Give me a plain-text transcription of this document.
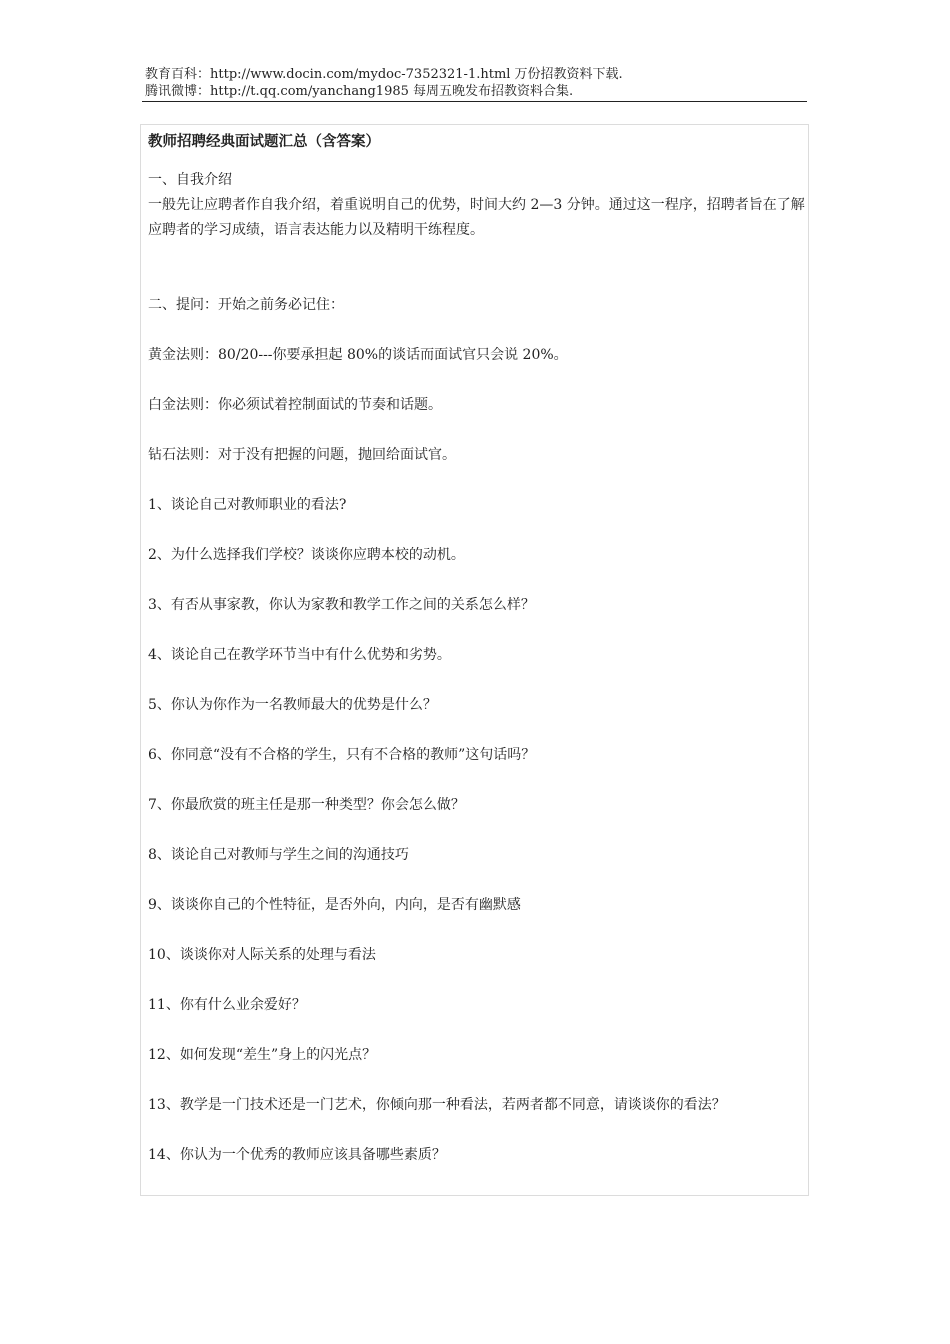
教育百科：http://www.docin.com/mydoc-7352321-1.html 万份招教资料下载.
腾讯微博：http://t.qq.com/yanchang1985 每周五晚发布招教资料合集.

教师招聘经典面试题汇总（含答案）

一、自我介绍

一般先让应聘者作自我介绍，着重说明自己的优势，时间大约 2—3 分钟。通过这一程序，招聘者旨在了解应聘者的学习成绩，语言表达能力以及精明干练程度。

二、提问：开始之前务必记住：

黄金法则：80/20---你要承担起 80%的谈话而面试官只会说 20%。

白金法则：你必须试着控制面试的节奏和话题。

钻石法则：对于没有把握的问题，抛回给面试官。

1、谈论自己对教师职业的看法?

2、为什么选择我们学校？谈谈你应聘本校的动机。

3、有否从事家教，你认为家教和教学工作之间的关系怎么样？

4、谈论自己在教学环节当中有什么优势和劣势。

5、你认为你作为一名教师最大的优势是什么？

6、你同意“没有不合格的学生，只有不合格的教师”这句话吗？

7、你最欣赏的班主任是那一种类型？你会怎么做？

8、谈论自己对教师与学生之间的沟通技巧

9、谈谈你自己的个性特征，是否外向，内向，是否有幽默感

10、谈谈你对人际关系的处理与看法

11、你有什么业余爱好？

12、如何发现“差生”身上的闪光点？

13、教学是一门技术还是一门艺术，你倾向那一种看法，若两者都不同意，请谈谈你的看法？

14、你认为一个优秀的教师应该具备哪些素质？
